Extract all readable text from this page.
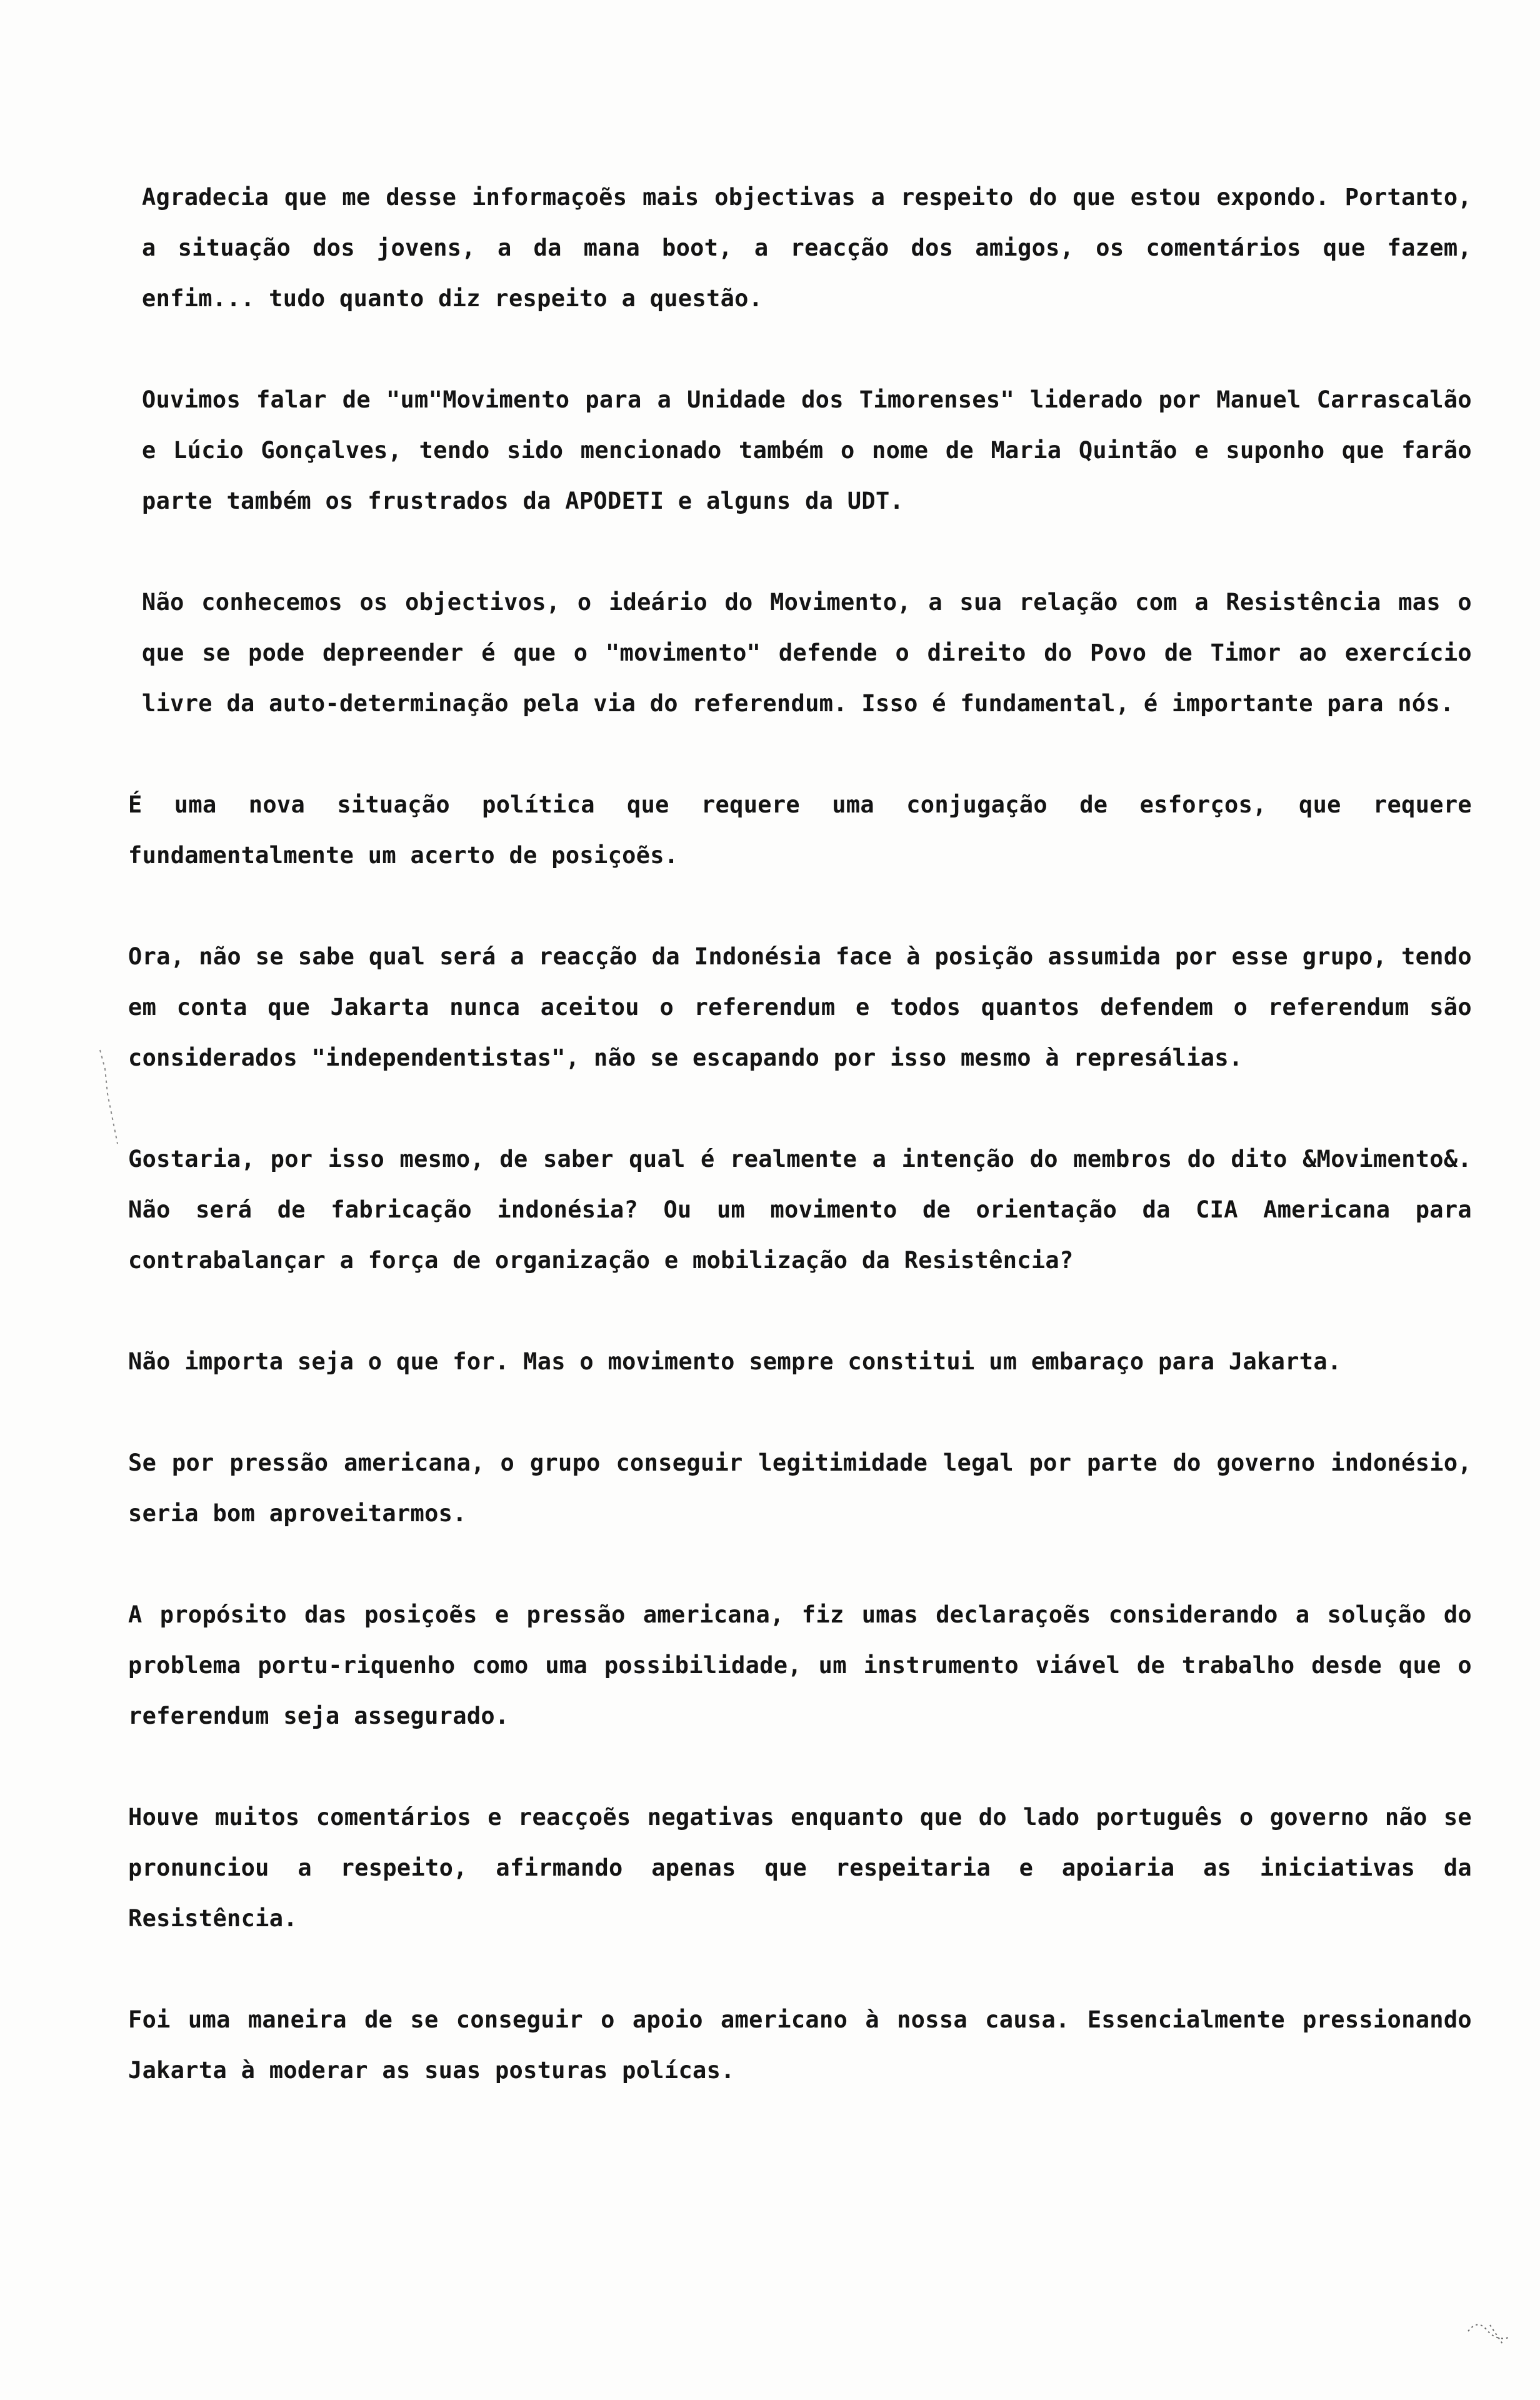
Agradecia que me desse informaçoẽs mais objectivas a respeito do que estou expondo. Portanto, a situação dos jovens, a da mana boot, a reacção dos amigos, os comentários que fazem, enfim... tudo quanto diz respeito a questão.

Ouvimos falar de "um"Movimento para a Unidade dos Timorenses" liderado por Manuel Carrascalão e Lúcio Gonçalves, tendo sido mencionado também o nome de Maria Quintão e suponho que farão parte também os frustrados da APODETI e alguns da UDT.

Não conhecemos os objectivos, o ideário do Movimento, a sua relação com a Resistência mas o que se pode depreender é que o "movimento" defende o direito do Povo de Timor ao exercício livre da auto-determinação pela via do referendum. Isso é fundamental, é importante para nós.

É uma nova situação política que requere uma conjugação de esforços, que requere fundamentalmente um acerto de posiçoẽs.

Ora, não se sabe qual será a reacção da Indonésia face à posição assumida por esse grupo, tendo em conta que Jakarta nunca aceitou o referendum e todos quantos defendem o referendum são considerados "independentistas", não se escapando por isso mesmo à represálias.

Gostaria, por isso mesmo, de saber qual é realmente a intenção do membros do dito &Movimento&. Não será de fabricação indonésia? Ou um movimento de orientação da CIA Americana para contrabalançar a força de organização e mobilização da Resistência?

Não importa seja o que for. Mas o movimento sempre constitui um embaraço para Jakarta.

Se por pressão americana, o grupo conseguir legitimidade legal por parte do governo indonésio, seria bom aproveitarmos.

A propósito das posiçoẽs e pressão americana, fiz umas declaraçoẽs considerando a solução do problema portu-riquenho como uma possibilidade, um instrumento viável de trabalho desde que o referendum seja assegurado.

Houve muitos comentários e reacçoẽs negativas enquanto que do lado português o governo não se pronunciou a respeito, afirmando apenas que respeitaria e apoiaria as iniciativas da Resistência.

Foi uma maneira de se conseguir o apoio americano à nossa causa. Essencialmente pressionando Jakarta à moderar as suas posturas polícas.
